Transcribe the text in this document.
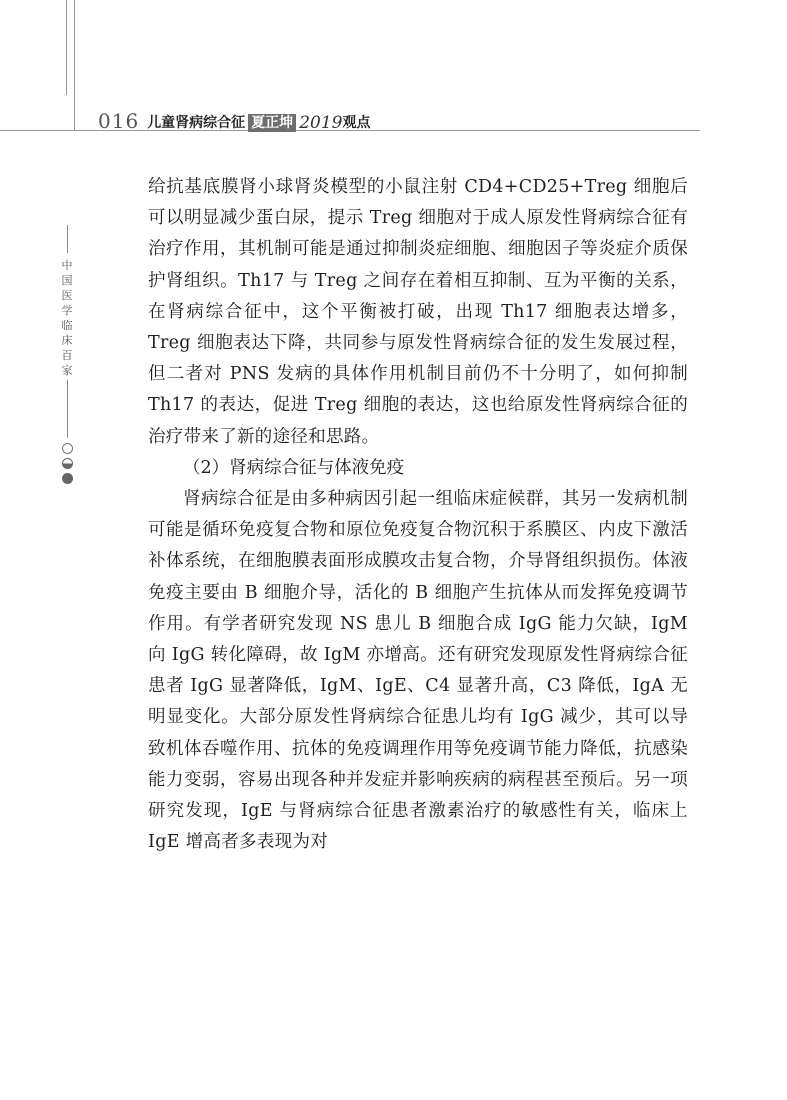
016 儿童肾病综合征 夏正坤 2019 观点
中国医学临床百家

给抗基底膜肾小球肾炎模型的小鼠注射 CD4+CD25+Treg 细胞后可以明显减少蛋白尿，提示 Treg 细胞对于成人原发性肾病综合征有治疗作用，其机制可能是通过抑制炎症细胞、细胞因子等炎症介质保护肾组织。Th17 与 Treg 之间存在着相互抑制、互为平衡的关系，在肾病综合征中，这个平衡被打破，出现 Th17 细胞表达增多，Treg 细胞表达下降，共同参与原发性肾病综合征的发生发展过程，但二者对 PNS 发病的具体作用机制目前仍不十分明了，如何抑制 Th17 的表达，促进 Treg 细胞的表达，这也给原发性肾病综合征的治疗带来了新的途径和思路。

（2）肾病综合征与体液免疫

肾病综合征是由多种病因引起一组临床症候群，其另一发病机制可能是循环免疫复合物和原位免疫复合物沉积于系膜区、内皮下激活补体系统，在细胞膜表面形成膜攻击复合物，介导肾组织损伤。体液免疫主要由 B 细胞介导，活化的 B 细胞产生抗体从而发挥免疫调节作用。有学者研究发现 NS 患儿 B 细胞合成 IgG 能力欠缺，IgM 向 IgG 转化障碍，故 IgM 亦增高。还有研究发现原发性肾病综合征患者 IgG 显著降低，IgM、IgE、C4 显著升高，C3 降低，IgA 无明显变化。大部分原发性肾病综合征患儿均有 IgG 减少，其可以导致机体吞噬作用、抗体的免疫调理作用等免疫调节能力降低，抗感染能力变弱，容易出现各种并发症并影响疾病的病程甚至预后。另一项研究发现，IgE 与肾病综合征患者激素治疗的敏感性有关，临床上 IgE 增高者多表现为对
